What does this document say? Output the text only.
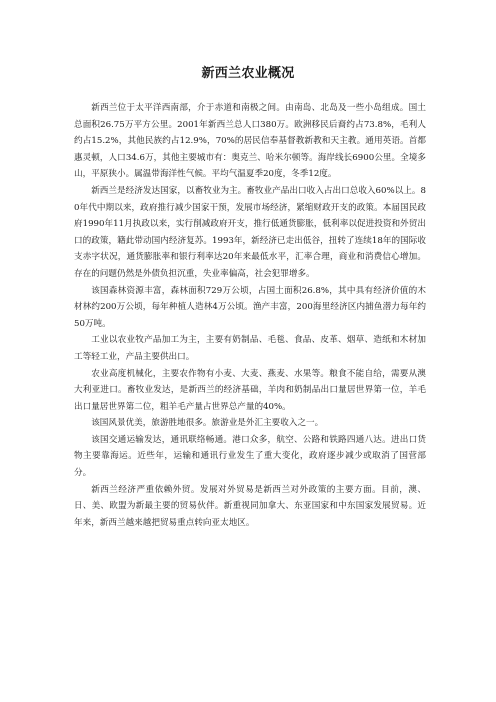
新西兰农业概况

新西兰位于太平洋西南部，介于赤道和南极之间。由南岛、北岛及一些小岛组成。国土总面积26.75万平方公里。2001年新西兰总人口380万。欧洲移民后裔约占73.8%，毛利人约占15.2%，其他民族约占12.9%，70%的居民信奉基督教新教和天主教。通用英语。首都惠灵顿，人口34.6万，其他主要城市有：奥克兰、哈米尔顿等。海岸线长6900公里。全境多山，平原狭小。属温带海洋性气候。平均气温夏季20度，冬季12度。

新西兰是经济发达国家，以畜牧业为主。畜牧业产品出口收入占出口总收入60%以上。80年代中期以来，政府推行减少国家干预，发展市场经济，紧缩财政开支的政策。本届国民政府1990年11月执政以来，实行削减政府开支，推行低通货膨胀，低利率以促进投资和外贸出口的政策，籍此带动国内经济复苏。1993年，新经济已走出低谷，扭转了连续18年的国际收支赤字状况，通货膨胀率和银行利率达20年来最低水平，汇率合理，商业和消费信心增加。存在的问题仍然是外债负担沉重，失业率偏高，社会犯罪增多。

该国森林资源丰富，森林面积729万公顷，占国土面积26.8%，其中具有经济价值的木材林约200万公顷，每年种植人造林4万公顷。渔产丰富，200海里经济区内捕鱼潜力每年约50万吨。

工业以农业牧产品加工为主，主要有奶制品、毛毯、食品、皮革、烟草、造纸和木材加工等轻工业，产品主要供出口。

农业高度机械化，主要农作物有小麦、大麦、燕麦、水果等。粮食不能自给，需要从澳大利亚进口。畜牧业发达，是新西兰的经济基础，羊肉和奶制品出口量居世界第一位，羊毛出口量居世界第二位，粗羊毛产量占世界总产量的40%。

该国风景优美，旅游胜地很多。旅游业是外汇主要收入之一。

该国交通运输发达，通讯联络畅通。港口众多，航空、公路和铁路四通八达。进出口货物主要靠海运。近些年，运输和通讯行业发生了重大变化，政府逐步减少或取消了国营部分。

新西兰经济严重依赖外贸。发展对外贸易是新西兰对外政策的主要方面。目前，澳、日、美、欧盟为新最主要的贸易伙伴。新重视同加拿大、东亚国家和中东国家发展贸易。近年来，新西兰越来越把贸易重点转向亚太地区。
